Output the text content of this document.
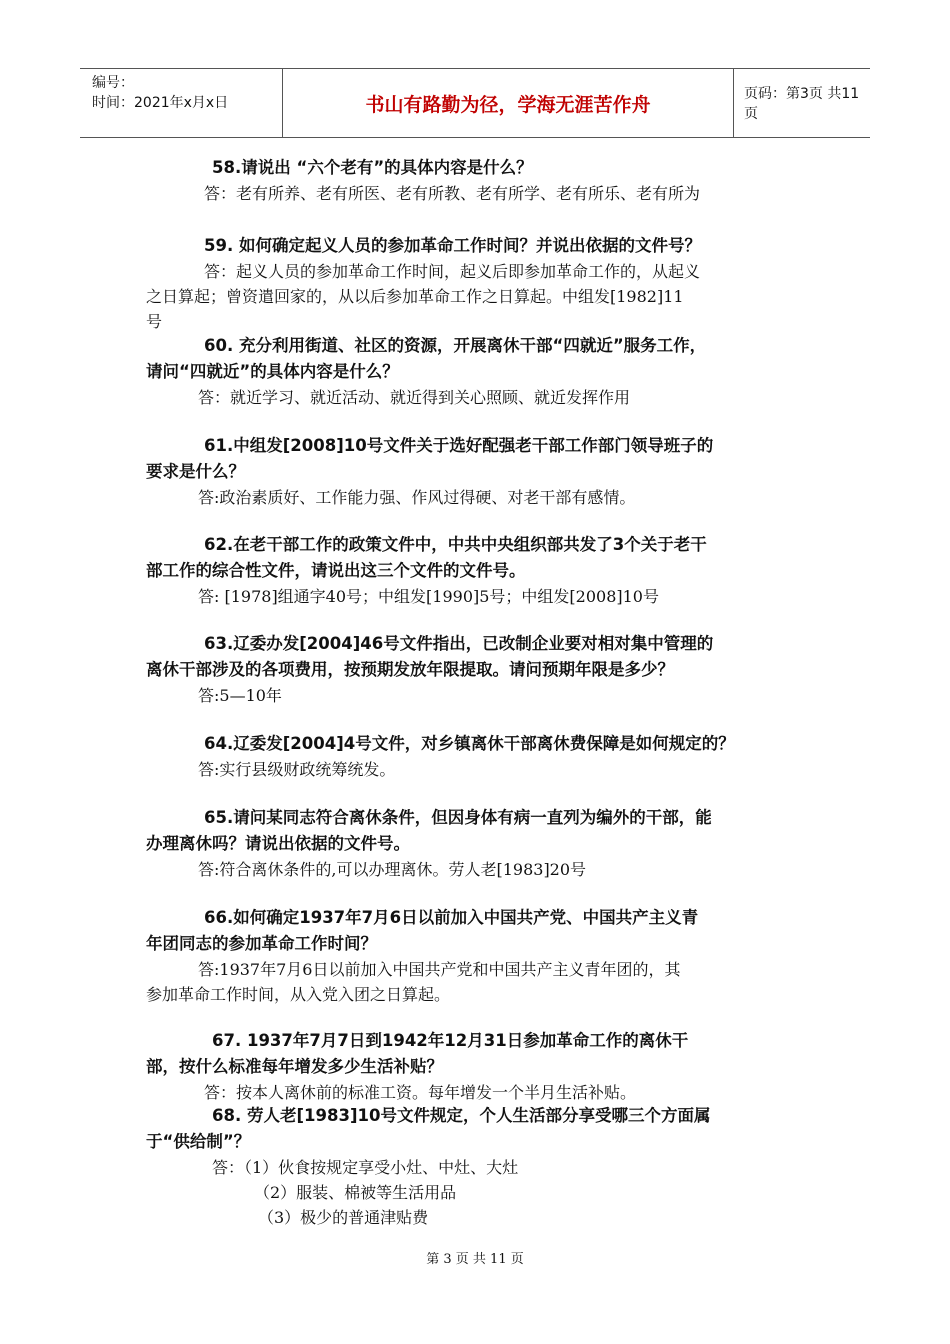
编号：
时间：2021年x月x日	书山有路勤为径，学海无涯苦作舟	页码：第3页 共11页

58.请说出 “六个老有”的具体内容是什么？

答：老有所养、老有所医、老有所教、老有所学、老有所乐、老有所为

59. 如何确定起义人员的参加革命工作时间？并说出依据的文件号？

答：起义人员的参加革命工作时间，起义后即参加革命工作的，从起义

之日算起；曾资遣回家的，从以后参加革命工作之日算起。中组发[1982]11

号

60. 充分利用街道、社区的资源，开展离休干部“四就近”服务工作，

请问“四就近”的具体内容是什么？

答：就近学习、就近活动、就近得到关心照顾、就近发挥作用

61.中组发[2008]10号文件关于选好配强老干部工作部门领导班子的

要求是什么？

答:政治素质好、工作能力强、作风过得硬、对老干部有感情。

62.在老干部工作的政策文件中，中共中央组织部共发了3个关于老干

部工作的综合性文件，请说出这三个文件的文件号。

答: [1978]组通字40号；中组发[1990]5号；中组发[2008]10号

63.辽委办发[2004]46号文件指出，已改制企业要对相对集中管理的

离休干部涉及的各项费用，按预期发放年限提取。请问预期年限是多少？

答:5—10年

64.辽委发[2004]4号文件，对乡镇离休干部离休费保障是如何规定的？

答:实行县级财政统筹统发。

65.请问某同志符合离休条件，但因身体有病一直列为编外的干部，能

办理离休吗？请说出依据的文件号。

答:符合离休条件的,可以办理离休。劳人老[1983]20号

66.如何确定1937年7月6日以前加入中国共产党、中国共产主义青

年团同志的参加革命工作时间？

答:1937年7月6日以前加入中国共产党和中国共产主义青年团的，其

参加革命工作时间，从入党入团之日算起。

67. 1937年7月7日到1942年12月31日参加革命工作的离休干

部，按什么标准每年增发多少生活补贴？

答：按本人离休前的标准工资。每年增发一个半月生活补贴。

68. 劳人老[1983]10号文件规定，个人生活部分享受哪三个方面属

于“供给制”？

答：（1）伙食按规定享受小灶、中灶、大灶

（2）服装、棉被等生活用品

（3）极少的普通津贴费

第 3 页 共 11 页
